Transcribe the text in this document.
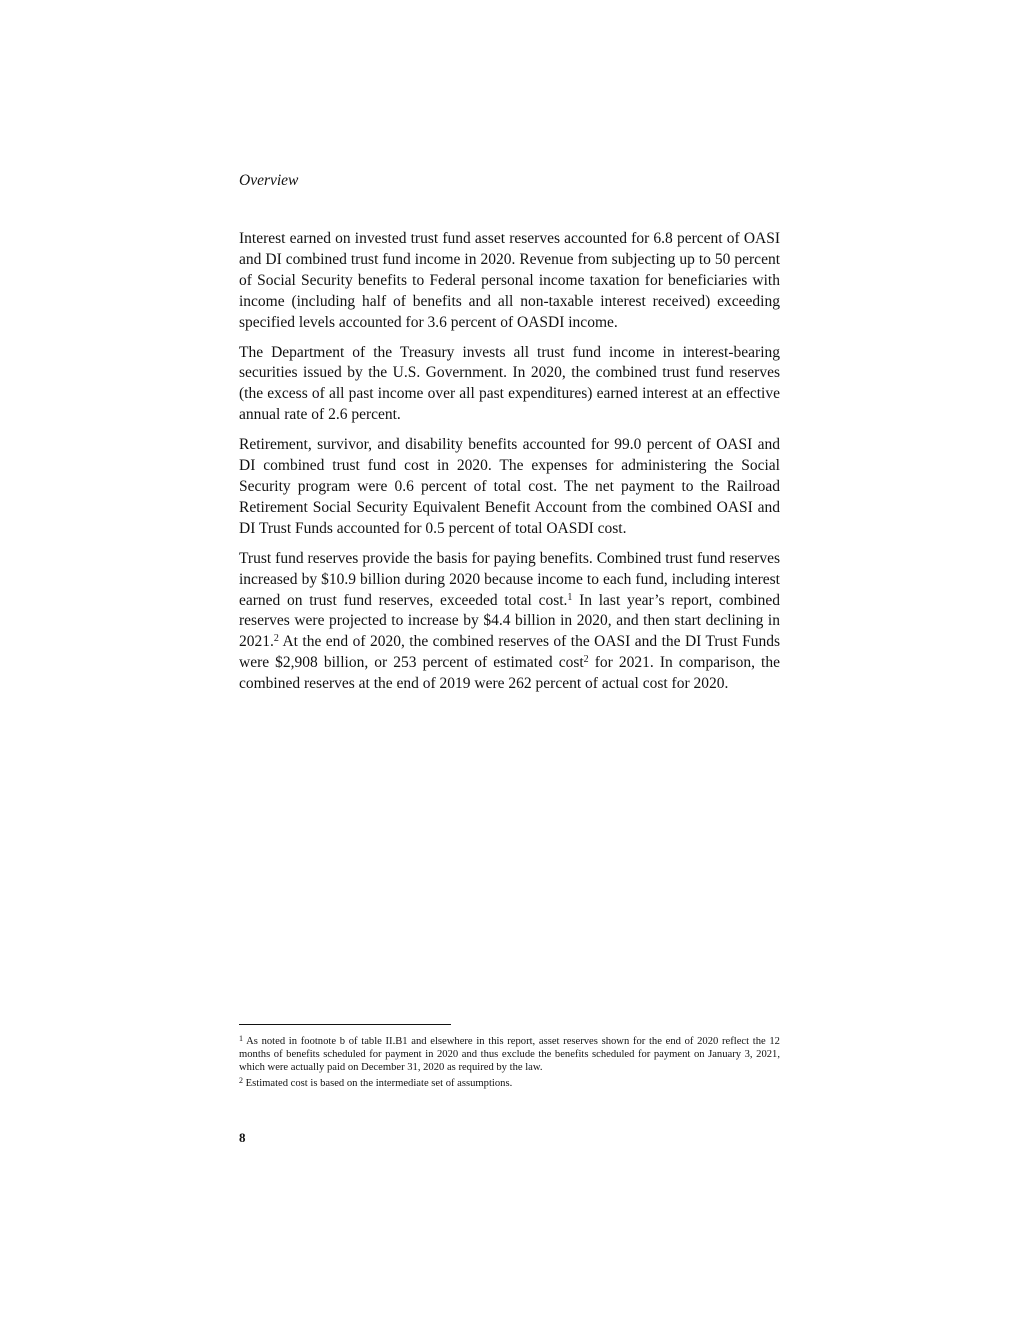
Overview

Interest earned on invested trust fund asset reserves accounted for 6.8 percent of OASI and DI combined trust fund income in 2020. Revenue from subjecting up to 50 percent of Social Security benefits to Federal personal income taxation for beneficiaries with income (including half of benefits and all non-taxable interest received) exceeding specified levels accounted for 3.6 percent of OASDI income.

The Department of the Treasury invests all trust fund income in interest-bearing securities issued by the U.S. Government. In 2020, the combined trust fund reserves (the excess of all past income over all past expenditures) earned interest at an effective annual rate of 2.6 percent.

Retirement, survivor, and disability benefits accounted for 99.0 percent of OASI and DI combined trust fund cost in 2020. The expenses for administering the Social Security program were 0.6 percent of total cost. The net payment to the Railroad Retirement Social Security Equivalent Benefit Account from the combined OASI and DI Trust Funds accounted for 0.5 percent of total OASDI cost.

Trust fund reserves provide the basis for paying benefits. Combined trust fund reserves increased by $10.9 billion during 2020 because income to each fund, including interest earned on trust fund reserves, exceeded total cost.$^1$ In last year’s report, combined reserves were projected to increase by $4.4 billion in 2020, and then start declining in 2021.$^2$ At the end of 2020, the combined reserves of the OASI and the DI Trust Funds were $2,908 billion, or 253 percent of estimated cost$^2$ for 2021. In comparison, the combined reserves at the end of 2019 were 262 percent of actual cost for 2020.

$^1$ As noted in footnote b of table II.B1 and elsewhere in this report, asset reserves shown for the end of 2020 reflect the 12 months of benefits scheduled for payment in 2020 and thus exclude the benefits scheduled for payment on January 3, 2021, which were actually paid on December 31, 2020 as required by the law.

$^2$ Estimated cost is based on the intermediate set of assumptions.

8
